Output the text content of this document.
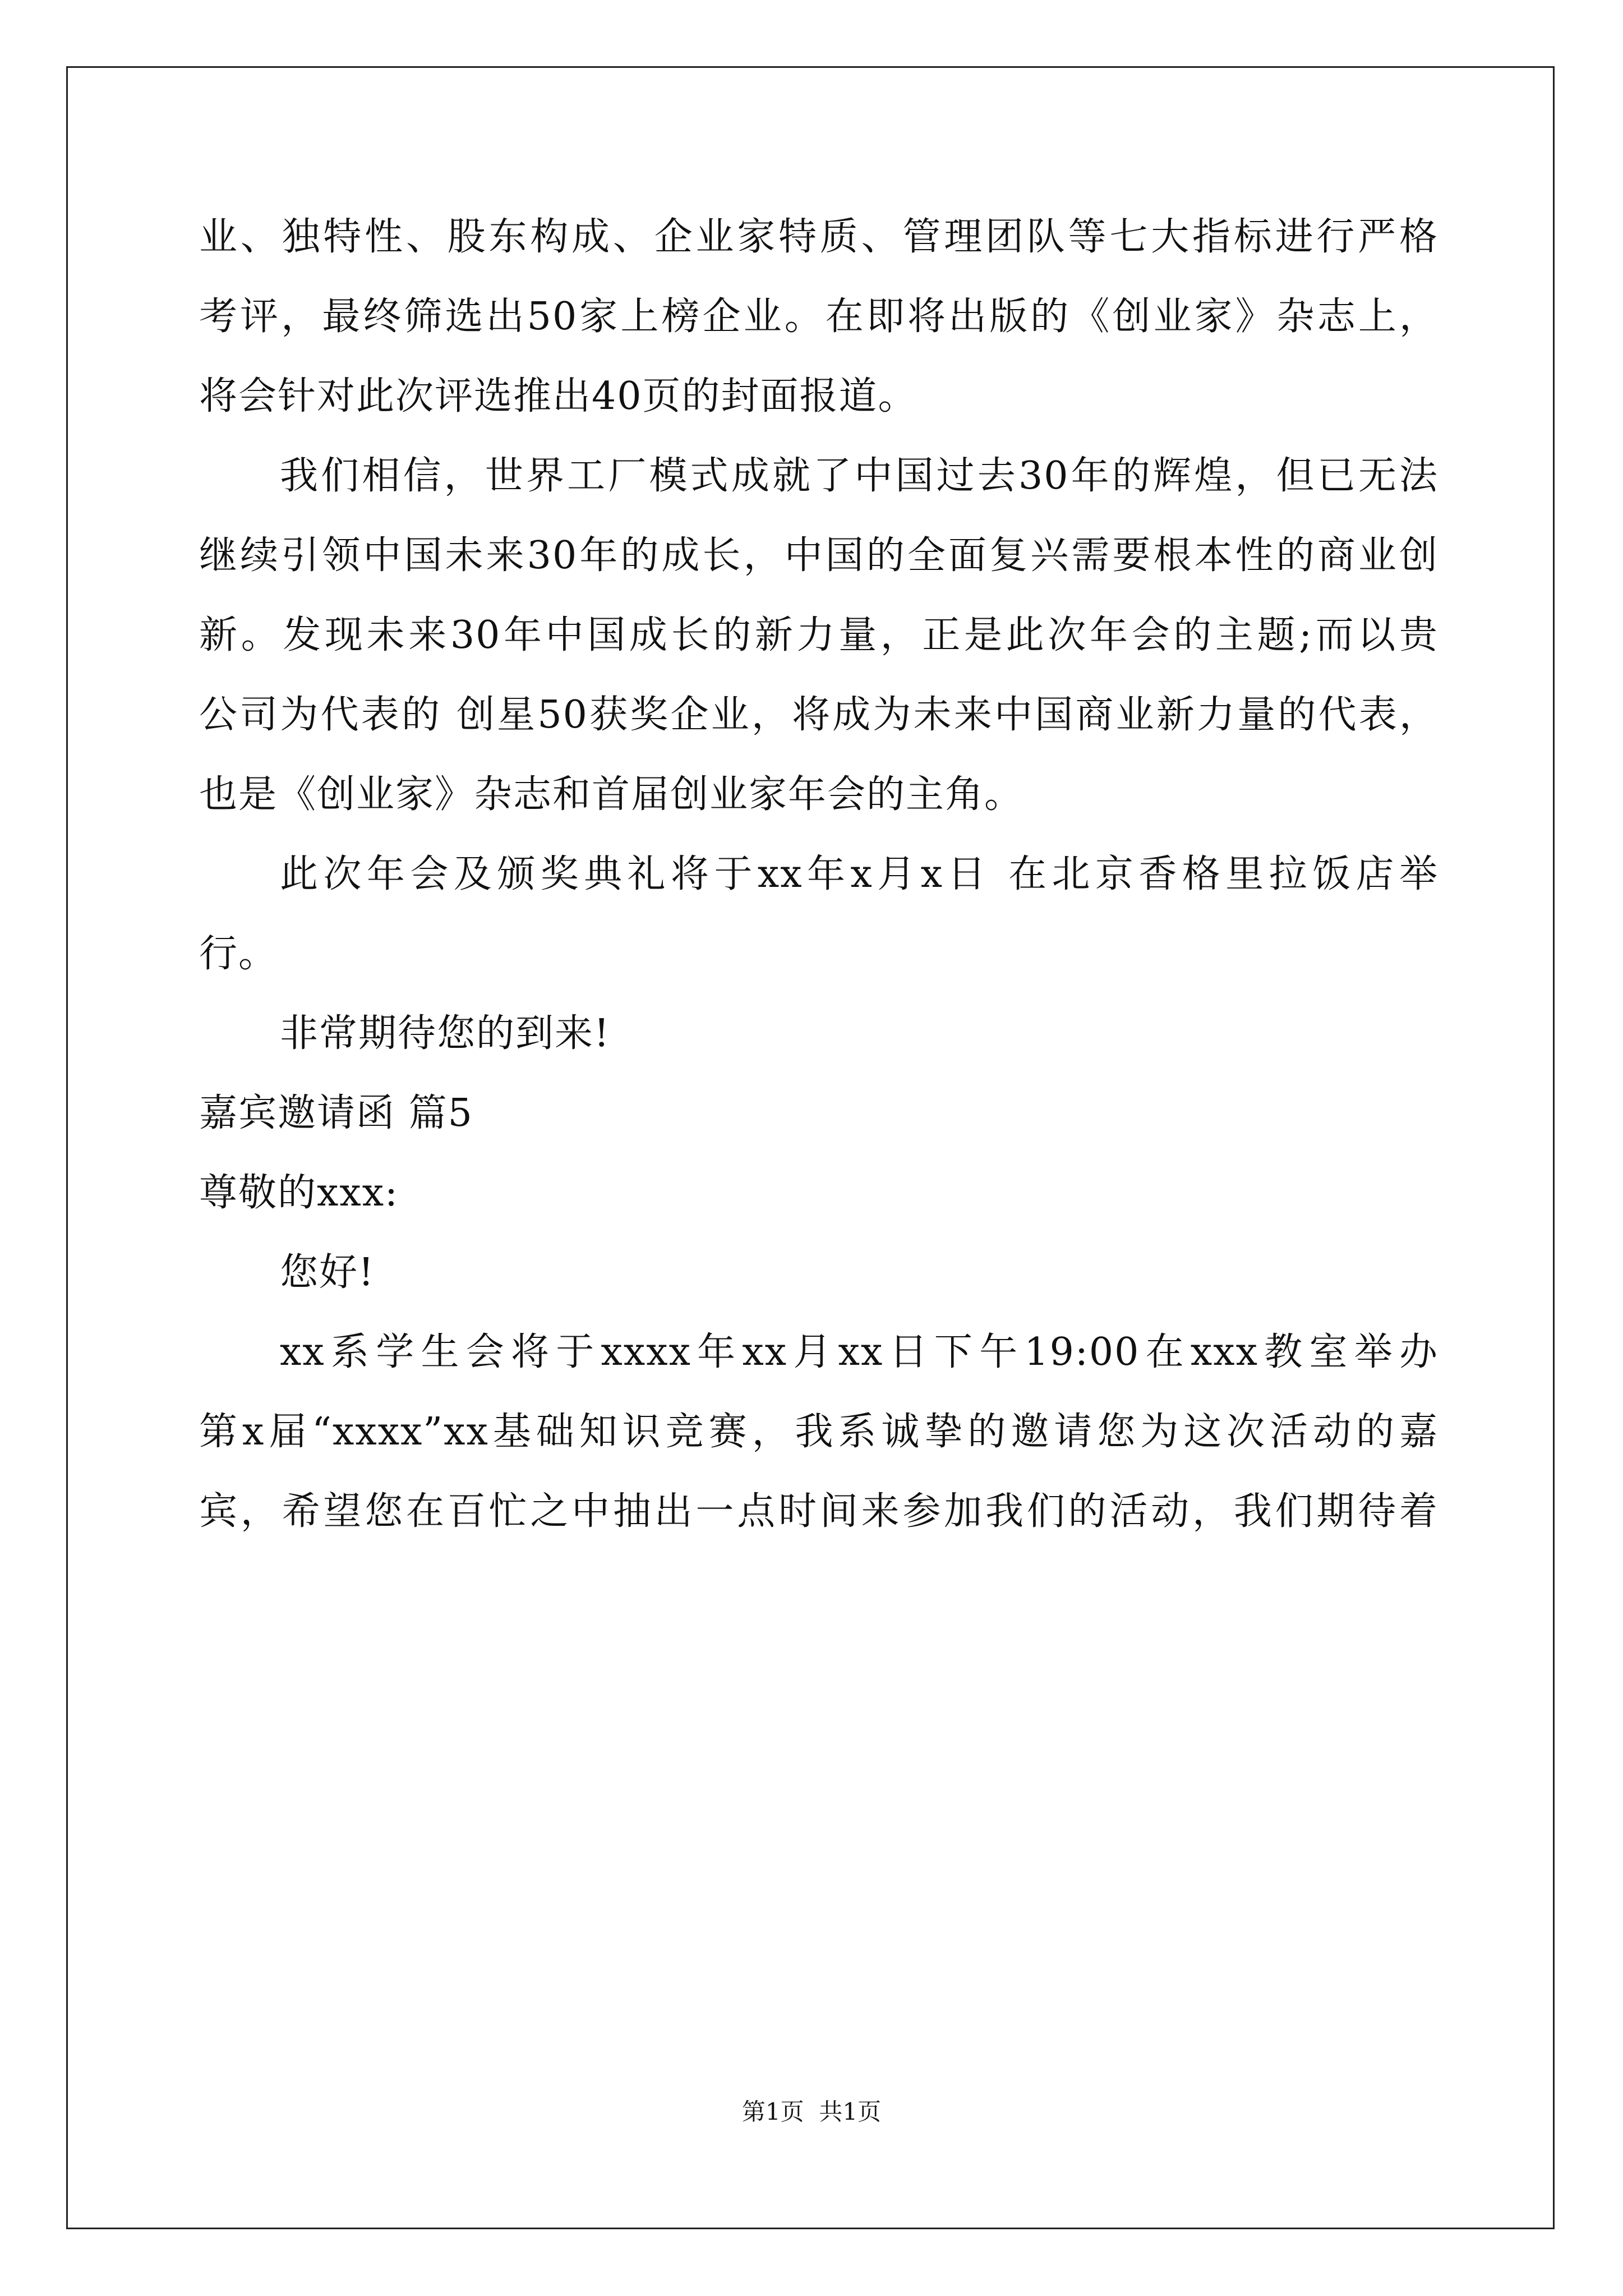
业、独特性、股东构成、企业家特质、管理团队等七大指标进行严格
考评，最终筛选出50家上榜企业。在即将出版的《创业家》杂志上，
将会针对此次评选推出40页的封面报道。
我们相信，世界工厂模式成就了中国过去30年的辉煌，但已无法
继续引领中国未来30年的成长，中国的全面复兴需要根本性的商业创
新。发现未来30年中国成长的新力量，正是此次年会的主题;而以贵
公司为代表的 创星50获奖企业，将成为未来中国商业新力量的代表，
也是《创业家》杂志和首届创业家年会的主角。
此次年会及颁奖典礼将于xx年x月x日 在北京香格里拉饭店举
行。
非常期待您的到来!
嘉宾邀请函 篇5
尊敬的xxx:
您好!
xx系学生会将于xxxx年xx月xx日下午19:00在xxx教室举办
第x届“xxxx”xx基础知识竞赛，我系诚挚的邀请您为这次活动的嘉
宾，希望您在百忙之中抽出一点时间来参加我们的活动，我们期待着
第1页  共1页
